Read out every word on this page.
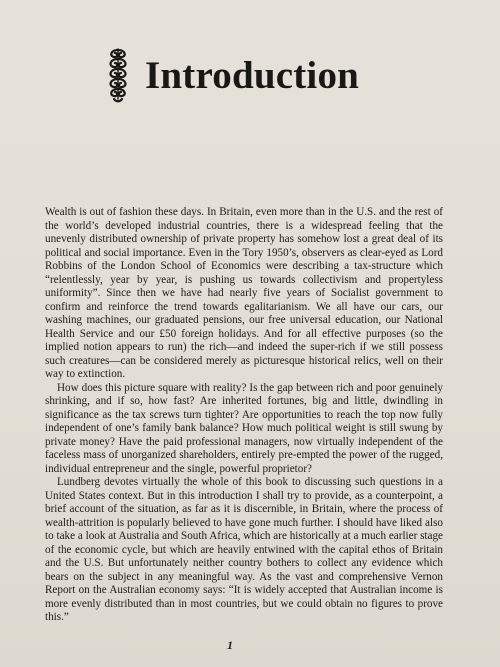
Introduction

Wealth is out of fashion these days. In Britain, even more than in the U.S. and the rest of the world’s developed industrial countries, there is a widespread feeling that the unevenly distributed ownership of private property has somehow lost a great deal of its political and social importance. Even in the Tory 1950’s, observers as clear-eyed as Lord Robbins of the London School of Economics were describing a tax-structure which “relentlessly, year by year, is pushing us towards collectivism and propertyless uniformity”. Since then we have had nearly five years of Socialist government to confirm and reinforce the trend towards egalitarianism. We all have our cars, our washing machines, our graduated pensions, our free universal education, our National Health Service and our £50 foreign holidays. And for all effective purposes (so the implied notion appears to run) the rich—and indeed the super-rich if we still possess such creatures—can be considered merely as picturesque historical relics, well on their way to extinction.

How does this picture square with reality? Is the gap between rich and poor genuinely shrinking, and if so, how fast? Are inherited fortunes, big and little, dwindling in significance as the tax screws turn tighter? Are opportunities to reach the top now fully independent of one’s family bank balance? How much political weight is still swung by private money? Have the paid professional managers, now virtually independent of the faceless mass of unorganized shareholders, entirely pre-empted the power of the rugged, individual entrepreneur and the single, powerful proprietor?

Lundberg devotes virtually the whole of this book to discussing such questions in a United States context. But in this introduction I shall try to provide, as a counterpoint, a brief account of the situation, as far as it is discernible, in Britain, where the process of wealth-attrition is popularly believed to have gone much further. I should have liked also to take a look at Australia and South Africa, which are historically at a much earlier stage of the economic cycle, but which are heavily entwined with the capital ethos of Britain and the U.S. But unfortunately neither country bothers to collect any evidence which bears on the subject in any meaningful way. As the vast and comprehensive Vernon Report on the Australian economy says: “It is widely accepted that Australian income is more evenly distributed than in most countries, but we could obtain no figures to prove this.”

1
